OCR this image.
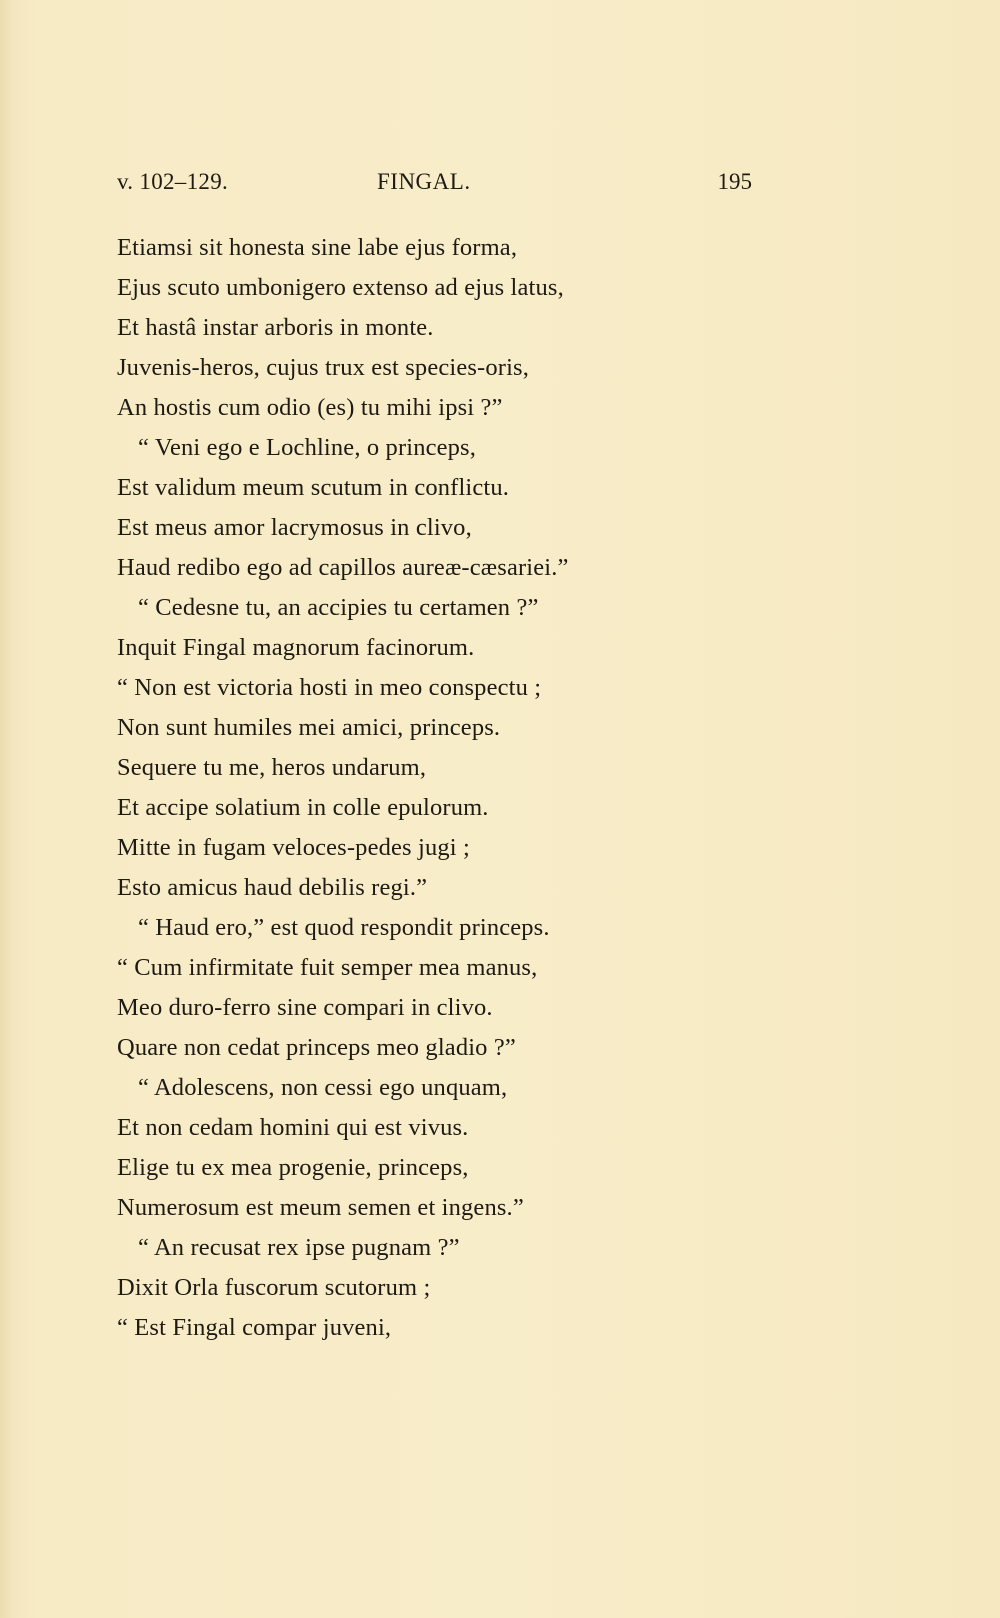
v. 102–129.	FINGAL.	195
Etiamsi sit honesta sine labe ejus forma,
Ejus scuto umbonigero extenso ad ejus latus,
Et hastâ instar arboris in monte.
Juvenis-heros, cujus trux est species-oris,
An hostis cum odio (es) tu mihi ipsi ?”
“ Veni ego e Lochline, o princeps,
Est validum meum scutum in conflictu.
Est meus amor lacrymosus in clivo,
Haud redibo ego ad capillos aureæ-cæsariei.”
“ Cedesne tu, an accipies tu certamen ?”
Inquit Fingal magnorum facinorum.
“ Non est victoria hosti in meo conspectu ;
Non sunt humiles mei amici, princeps.
Sequere tu me, heros undarum,
Et accipe solatium in colle epulorum.
Mitte in fugam veloces-pedes jugi ;
Esto amicus haud debilis regi.”
“ Haud ero,” est quod respondit princeps.
“ Cum infirmitate fuit semper mea manus,
Meo duro-ferro sine compari in clivo.
Quare non cedat princeps meo gladio ?”
“ Adolescens, non cessi ego unquam,
Et non cedam homini qui est vivus.
Elige tu ex mea progenie, princeps,
Numerosum est meum semen et ingens.”
“ An recusat rex ipse pugnam ?”
Dixit Orla fuscorum scutorum ;
“ Est Fingal compar juveni,
